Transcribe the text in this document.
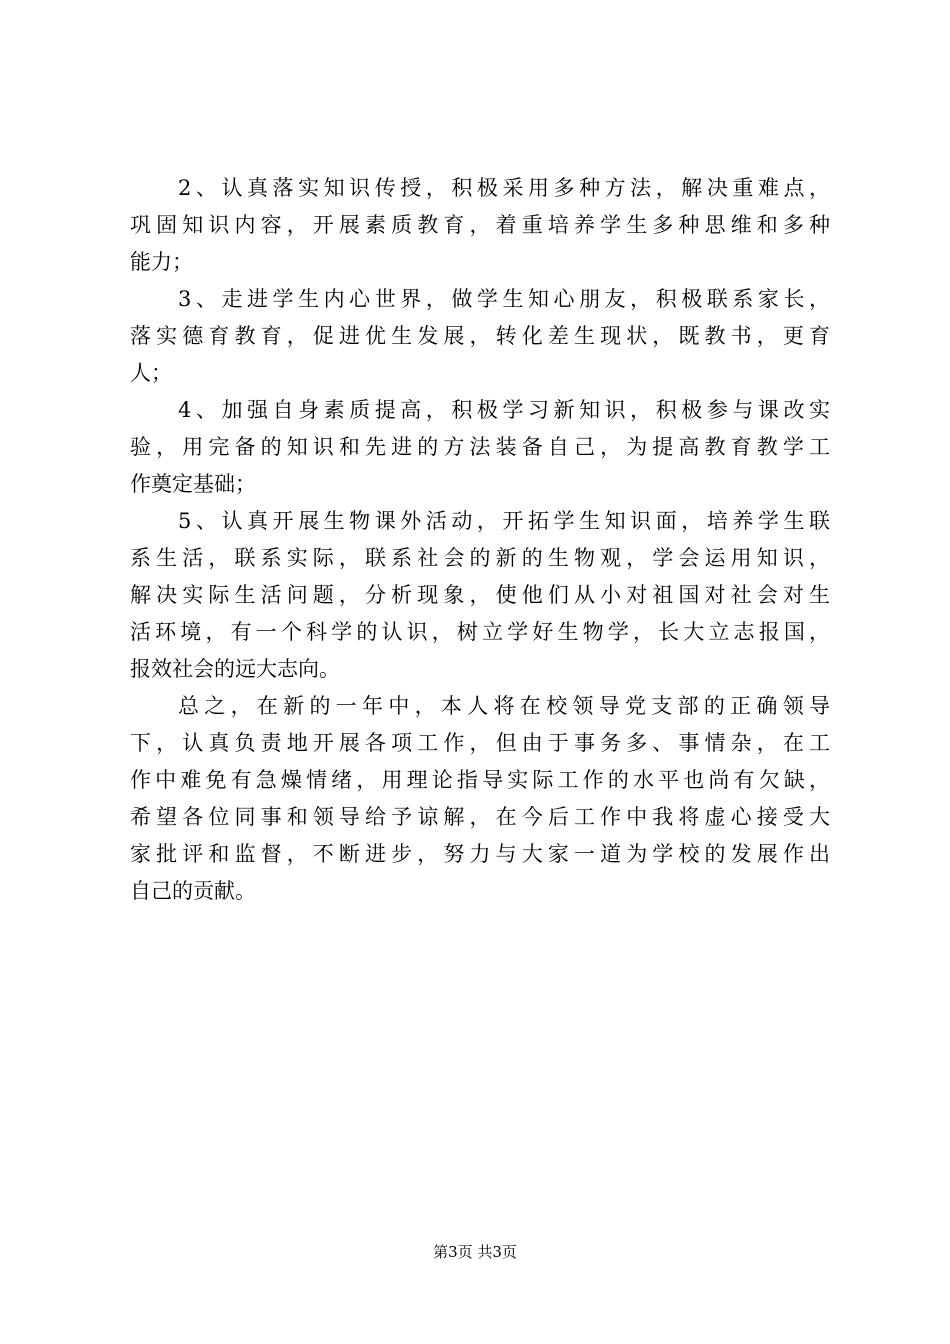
2、认真落实知识传授，积极采用多种方法，解决重难点，
巩固知识内容，开展素质教育，着重培养学生多种思维和多种
能力；
3、走进学生内心世界，做学生知心朋友，积极联系家长，
落实德育教育，促进优生发展，转化差生现状，既教书，更育
人；
4、加强自身素质提高，积极学习新知识，积极参与课改实
验，用完备的知识和先进的方法装备自己，为提高教育教学工
作奠定基础；
5、认真开展生物课外活动，开拓学生知识面，培养学生联
系生活，联系实际，联系社会的新的生物观，学会运用知识，
解决实际生活问题，分析现象，使他们从小对祖国对社会对生
活环境，有一个科学的认识，树立学好生物学，长大立志报国，
报效社会的远大志向。
总之，在新的一年中，本人将在校领导党支部的正确领导
下，认真负责地开展各项工作，但由于事务多、事情杂，在工
作中难免有急燥情绪，用理论指导实际工作的水平也尚有欠缺，
希望各位同事和领导给予谅解，在今后工作中我将虚心接受大
家批评和监督，不断进步，努力与大家一道为学校的发展作出
自己的贡献。
第3页 共3页
